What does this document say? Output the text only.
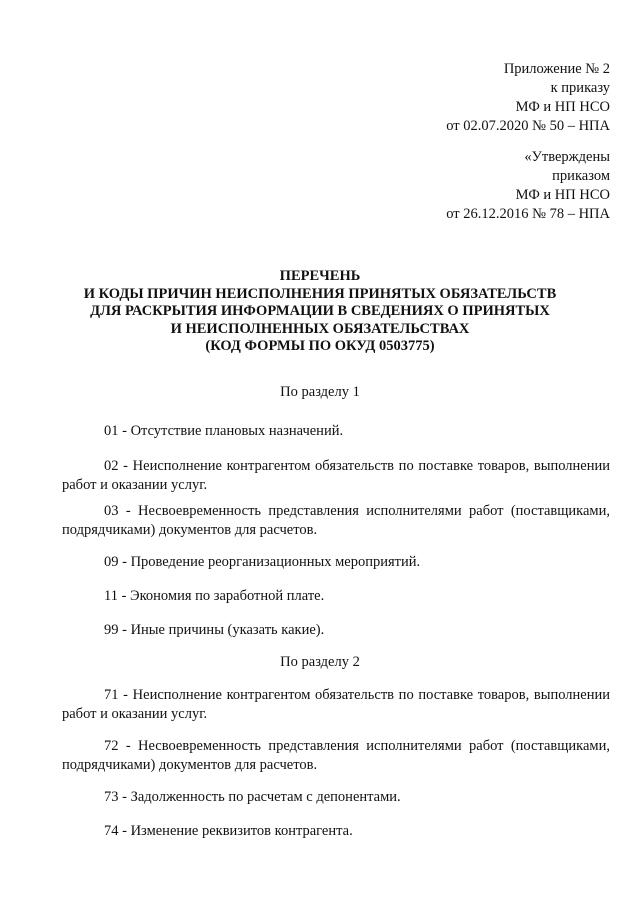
Приложение № 2
к приказу
МФ и НП НСО
от 02.07.2020 № 50 – НПА
«Утверждены
приказом
МФ и НП НСО
от 26.12.2016 № 78 – НПА
ПЕРЕЧЕНЬ
И КОДЫ ПРИЧИН НЕИСПОЛНЕНИЯ ПРИНЯТЫХ ОБЯЗАТЕЛЬСТВ
ДЛЯ РАСКРЫТИЯ ИНФОРМАЦИИ В СВЕДЕНИЯХ О ПРИНЯТЫХ
И НЕИСПОЛНЕННЫХ ОБЯЗАТЕЛЬСТВАХ
(КОД ФОРМЫ ПО ОКУД 0503775)
По разделу 1
01 - Отсутствие плановых назначений.
02 - Неисполнение контрагентом обязательств по поставке товаров, выполнении работ и оказании услуг.
03 - Несвоевременность представления исполнителями работ (поставщиками, подрядчиками) документов для расчетов.
09 - Проведение реорганизационных мероприятий.
11 - Экономия по заработной плате.
99 - Иные причины (указать какие).
По разделу 2
71 - Неисполнение контрагентом обязательств по поставке товаров, выполнении работ и оказании услуг.
72 - Несвоевременность представления исполнителями работ (поставщиками, подрядчиками) документов для расчетов.
73 - Задолженность по расчетам с депонентами.
74 - Изменение реквизитов контрагента.
